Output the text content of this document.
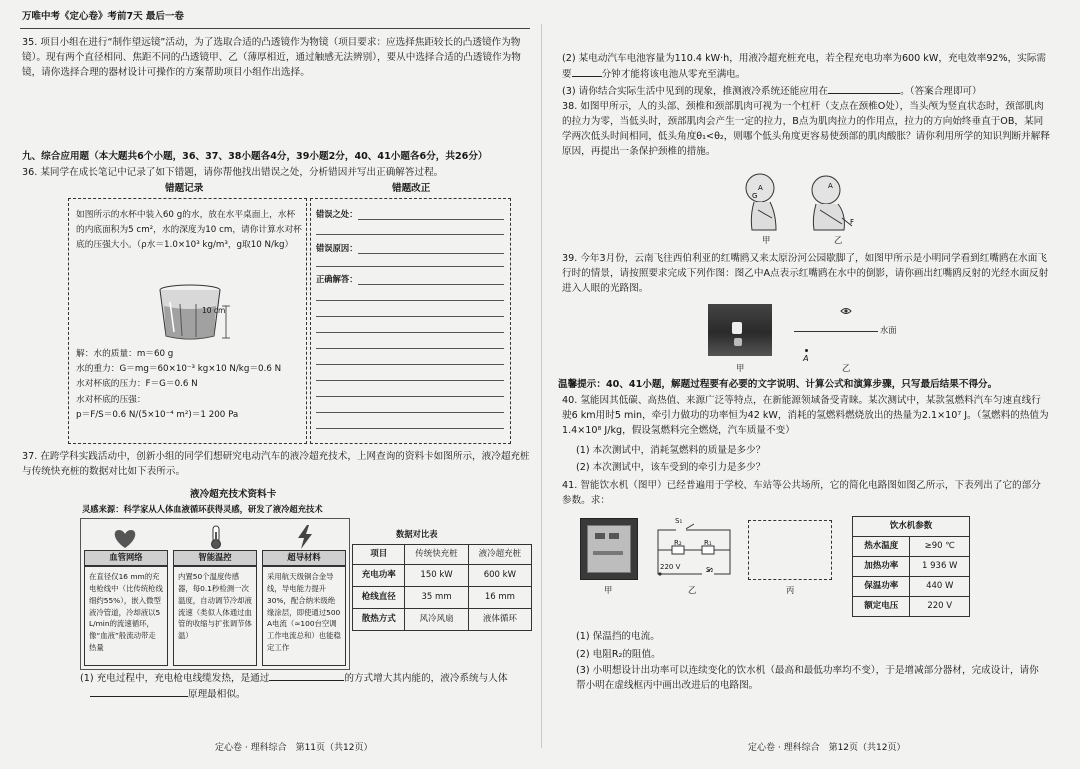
万唯中考《定心卷》考前7天 最后一卷

35. 项目小组在进行“制作望远镜”活动，为了选取合适的凸透镜作为物镜（项目要求：应选择焦距较长的凸透镜作为物镜）。现有两个直径相同、焦距不同的凸透镜甲、乙（薄厚相近，通过触感无法辨别），要从中选择合适的凸透镜作为物镜，请你选择合理的器材设计可操作的方案帮助项目小组作出选择。

九、综合应用题（本大题共6个小题，36、37、38小题各4分，39小题2分，40、41小题各6分，共26分）
36. 某同学在成长笔记中记录了如下错题，请你帮他找出错误之处，分析错因并写出正确解答过程。
错题记录	错题改正
如图所示的水杯中装入60 g的水，放在水平桌面上，水杯的内底面积为5 cm²，水的深度为10 cm，请你计算水对杯底的压强大小。（ρ水＝1.0×10³ kg/m³，g取10 N/kg）
10 cm
解：水的质量：m＝60 g
水的重力：G＝mg＝60×10⁻³ kg×10 N/kg＝0.6 N
水对杯底的压力：F＝G＝0.6 N
水对杯底的压强：
p＝F/S＝0.6 N/(5×10⁻⁴ m²)＝1 200 Pa
错误之处：
错误原因：
正确解答：
37. 在跨学科实践活动中，创新小组的同学们想研究电动汽车的液冷超充技术，上网查询的资料卡如图所示，液冷超充桩与传统快充桩的数据对比如下表所示。
液冷超充技术资料卡
灵感来源：科学家从人体血液循环获得灵感，研发了液冷超充技术
血管网络
在直径仅16 mm的充电枪线中（比传统枪线细约55%），嵌入微型液冷管道，冷却液以5 L/min的流速循环，像“血液”般流动带走热量
智能温控
内置50个温度传感器，每0.1秒检测一次温度，自动调节冷却液流速（类似人体通过血管的收缩与扩张调节体温）
超导材料
采用航天级铜合金导线，导电能力提升30%，配合纳米级绝缘涂层，即使通过500 A电流（≈100台空调工作电流总和）也能稳定工作
数据对比表
项目	传统快充桩	液冷超充桩
充电功率	150 kW	600 kW
枪线直径	35 mm	16 mm
散热方式	风冷风扇	液体循环
(1) 充电过程中，充电枪电线缆发热，是通过	的方式增大其内能的，液冷系统与人体
原理最相似。
定心卷 · 理科综合　第11页（共12页）
(2) 某电动汽车电池容量为110.4 kW·h，用液冷超充桩充电，若全程充电功率为600 kW，充电效率92%，实际需要	分钟才能将该电池从零充至满电。
(3) 请你结合实际生活中见到的现象，推测液冷系统还能应用在	。（答案合理即可）
38. 如图甲所示，人的头部、颈椎和颈部肌肉可视为一个杠杆（支点在颈椎O处），当头颅为竖直状态时，颈部肌肉的拉力为零，当低头时，颈部肌肉会产生一定的拉力，B点为肌肉拉力的作用点，拉力的方向始终垂直于OB，某同学两次低头时间相同，低头角度θ₁<θ₂，则哪个低头角度更容易使颈部的肌肉酸胀？请你利用所学的知识判断并解释原因，再提出一条保护颈椎的措施。
A
G
A
F
甲	乙
39. 今年3月份，云南飞往西伯利亚的红嘴鸥又来太原汾河公园歇脚了，如图甲所示是小明同学看到红嘴鸥在水面飞行时的情景，请按照要求完成下列作图：图乙中A点表示红嘴鸥在水中的倒影，请你画出红嘴鸥反射的光经水面反射进入人眼的光路图。
水面
A
甲	乙
温馨提示：40、41小题，解题过程要有必要的文字说明、计算公式和演算步骤，只写最后结果不得分。
40. 氢能因其低碳、高热值、来源广泛等特点，在新能源领域备受青睐。某次测试中，某款氢燃料汽车匀速直线行驶6 km用时5 min，牵引力做功的功率恒为42 kW，消耗的氢燃料燃烧放出的热量为2.1×10⁷ J。（氢燃料的热值为1.4×10⁸ J/kg，假设氢燃料完全燃烧，汽车质量不变）
(1) 本次测试中，消耗氢燃料的质量是多少？
(2) 本次测试中，该车受到的牵引力是多少？
41. 智能饮水机（图甲）已经普遍用于学校、车站等公共场所，它的简化电路图如图乙所示，下表列出了它的部分参数。求：
甲
S₁
R₂	R₁
220 V	S₂
乙	丙
饮水机参数	
热水温度	≥90 ℃
加热功率	1 936 W
保温功率	440 W
额定电压	220 V
(1) 保温挡的电流。
(2) 电阻R₂的阻值。
(3) 小明想设计出功率可以连续变化的饮水机（最高和最低功率均不变），于是增减部分器材，完成设计，请你帮小明在虚线框丙中画出改进后的电路图。
定心卷 · 理科综合　第12页（共12页）
